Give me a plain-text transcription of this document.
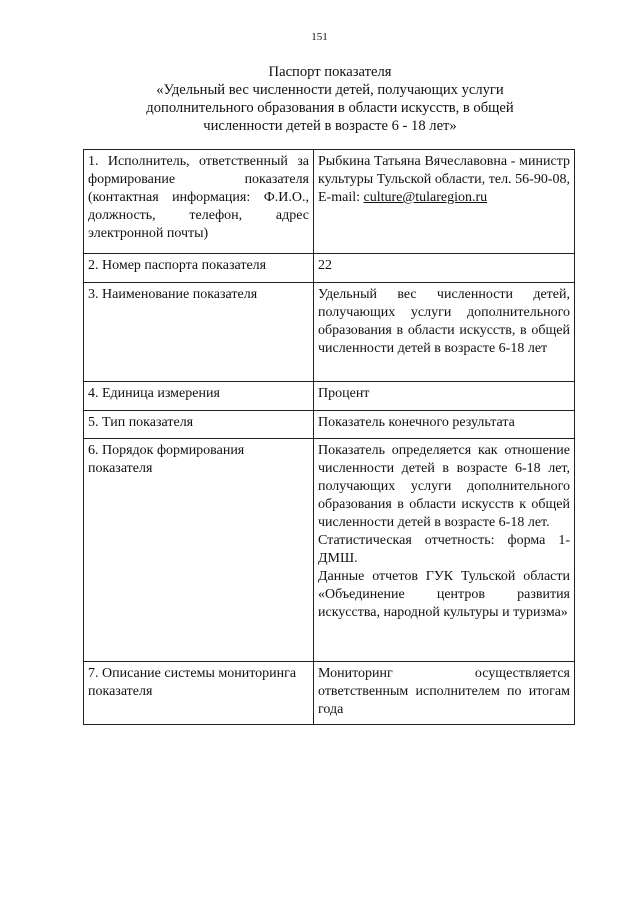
151
Паспорт показателя
«Удельный вес численности детей, получающих услуги
дополнительного образования в области искусств, в общей
численности детей в возрасте 6 - 18 лет»
1. Исполнитель, ответственный за формирование показателя (контактная информация: Ф.И.О., должность, телефон, адрес электронной почты)	Рыбкина Татьяна Вячеславовна - министр культуры Тульской области, тел. 56-90-08, E-mail: culture@tularegion.ru
2. Номер паспорта показателя	22
3. Наименование показателя	Удельный вес численности детей, получающих услуги дополнительного образования в области искусств, в общей численности детей в возрасте 6-18 лет
4. Единица измерения	Процент
5. Тип показателя	Показатель конечного результата
6. Порядок формирования показателя	Показатель определяется как отношение численности детей в возрасте 6-18 лет, получающих услуги дополнительного образования в области искусств к общей численности детей в возрасте 6-18 лет.
Статистическая отчетность: форма 1-ДМШ.
Данные отчетов ГУК Тульской области «Объединение центров развития искусства, народной культуры и туризма»

7. Описание системы мониторинга показателя	Мониторинг осуществляется ответственным исполнителем по итогам года
